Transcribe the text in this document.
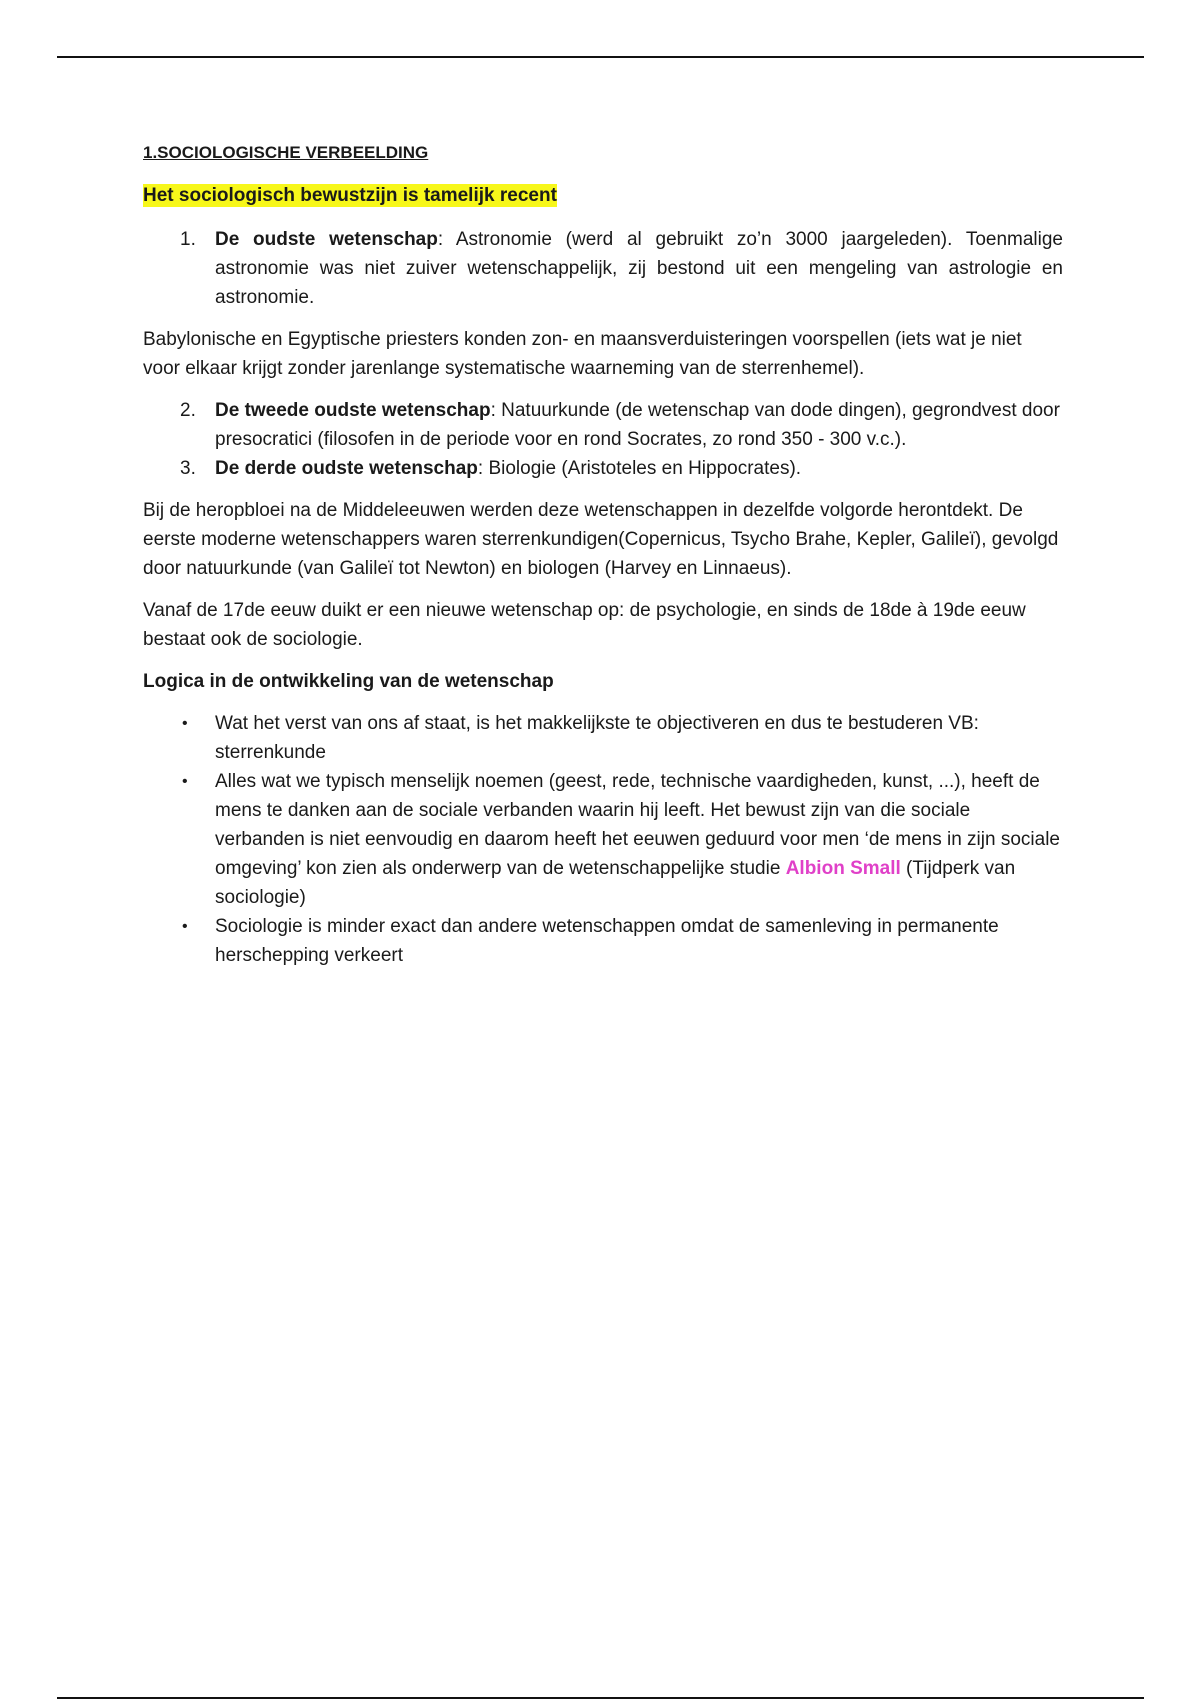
1.SOCIOLOGISCHE VERBEELDING
Het sociologisch bewustzijn is tamelijk recent
1. De oudste wetenschap: Astronomie (werd al gebruikt zo’n 3000 jaargeleden). Toenmalige astronomie was niet zuiver wetenschappelijk, zij bestond uit een mengeling van astrologie en astronomie.

Babylonische en Egyptische priesters konden zon- en maansverduisteringen voorspellen (iets wat je niet voor elkaar krijgt zonder jarenlange systematische waarneming van de sterrenhemel).

2. De tweede oudste wetenschap: Natuurkunde (de wetenschap van dode dingen), gegrondvest door presocratici (filosofen in de periode voor en rond Socrates, zo rond 350 - 300 v.c.).
3. De derde oudste wetenschap: Biologie (Aristoteles en Hippocrates).

Bij de heropbloei na de Middeleeuwen werden deze wetenschappen in dezelfde volgorde herontdekt. De eerste moderne wetenschappers waren sterrenkundigen(Copernicus, Tsycho Brahe, Kepler, Galileï), gevolgd door natuurkunde (van Galileï tot Newton) en biologen (Harvey en Linnaeus).

Vanaf de 17de eeuw duikt er een nieuwe wetenschap op: de psychologie, en sinds de 18de à 19de eeuw bestaat ook de sociologie.

Logica in de ontwikkeling van de wetenschap

• Wat het verst van ons af staat, is het makkelijkste te objectiveren en dus te bestuderen VB: sterrenkunde
• Alles wat we typisch menselijk noemen (geest, rede, technische vaardigheden, kunst, ...), heeft de mens te danken aan de sociale verbanden waarin hij leeft. Het bewust zijn van die sociale verbanden is niet eenvoudig en daarom heeft het eeuwen geduurd voor men ‘de mens in zijn sociale omgeving’ kon zien als onderwerp van de wetenschappelijke studie Albion Small (Tijdperk van sociologie)
• Sociologie is minder exact dan andere wetenschappen omdat de samenleving in permanente herschepping verkeert
